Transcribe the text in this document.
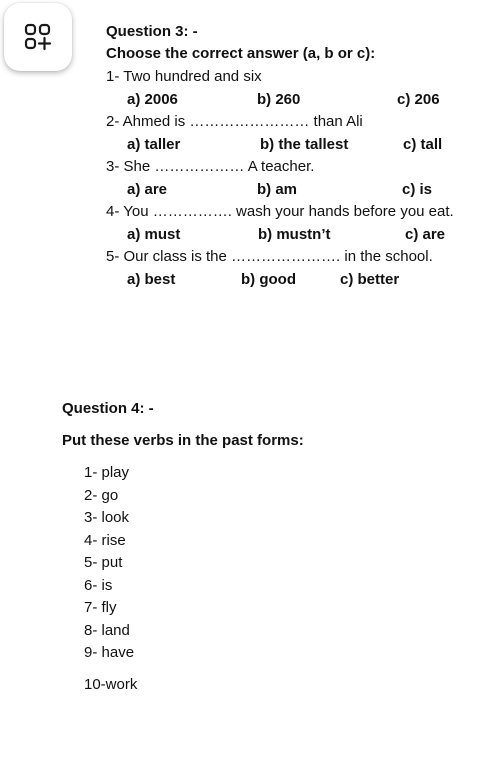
Question 3: -
Choose the correct answer (a, b or c):
1- Two hundred and six
a) 2006	b) 260	c) 206
2- Ahmed is …………………… than Ali
a) taller	b) the tallest	c) tall
3- She ……………… A teacher.
a) are	b) am	c) is
4- You ……………. wash your hands before you eat.
a) must	b) mustn’t	c) are
5- Our class is the …………………. in the school.
a) best	b) good	c) better
Question 4: -
Put these verbs in the past forms:
1- play
2- go
3- look
4- rise
5- put
6- is
7- fly
8- land
9- have
10-work
